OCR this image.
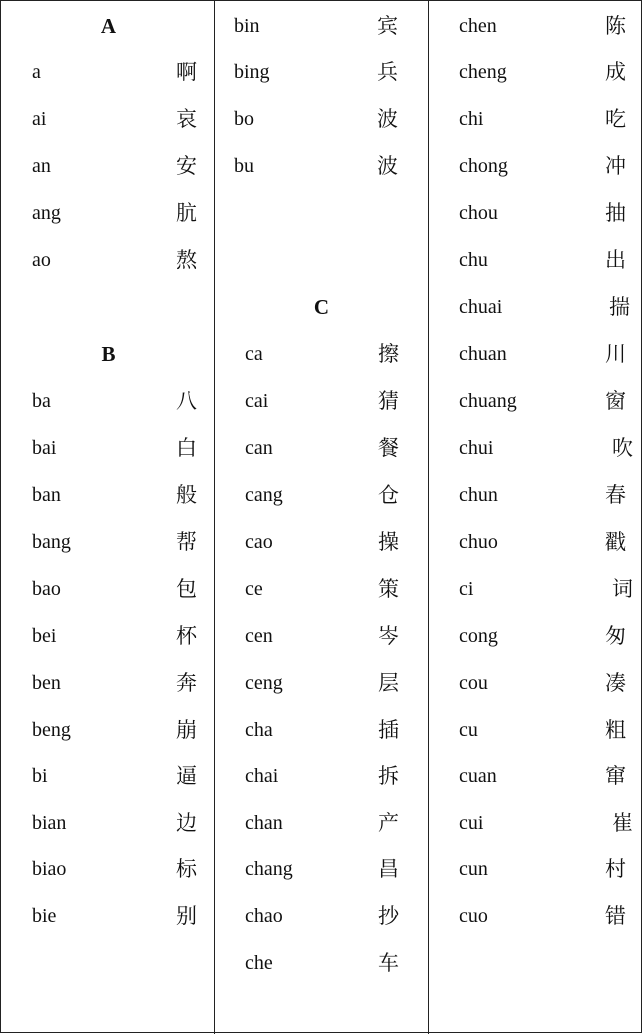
A
a	啊
ai	哀
an	安
ang	肮
ao	熬
B
ba	八
bai	白
ban	般
bang	帮
bao	包
bei	杯
ben	奔
beng	崩
bi	逼
bian	边
biao	标
bie	别
bin	宾
bing	兵
bo	波
bu	波
C
ca	擦
cai	猜
can	餐
cang	仓
cao	操
ce	策
cen	岑
ceng	层
cha	插
chai	拆
chan	产
chang	昌
chao	抄
che	车
chen	陈
cheng	成
chi	吃
chong	冲
chou	抽
chu	出
chuai	揣
chuan	川
chuang	窗
chui	吹
chun	春
chuo	戳
ci	词
cong	匆
cou	凑
cu	粗
cuan	窜
cui	崔
cun	村
cuo	错
